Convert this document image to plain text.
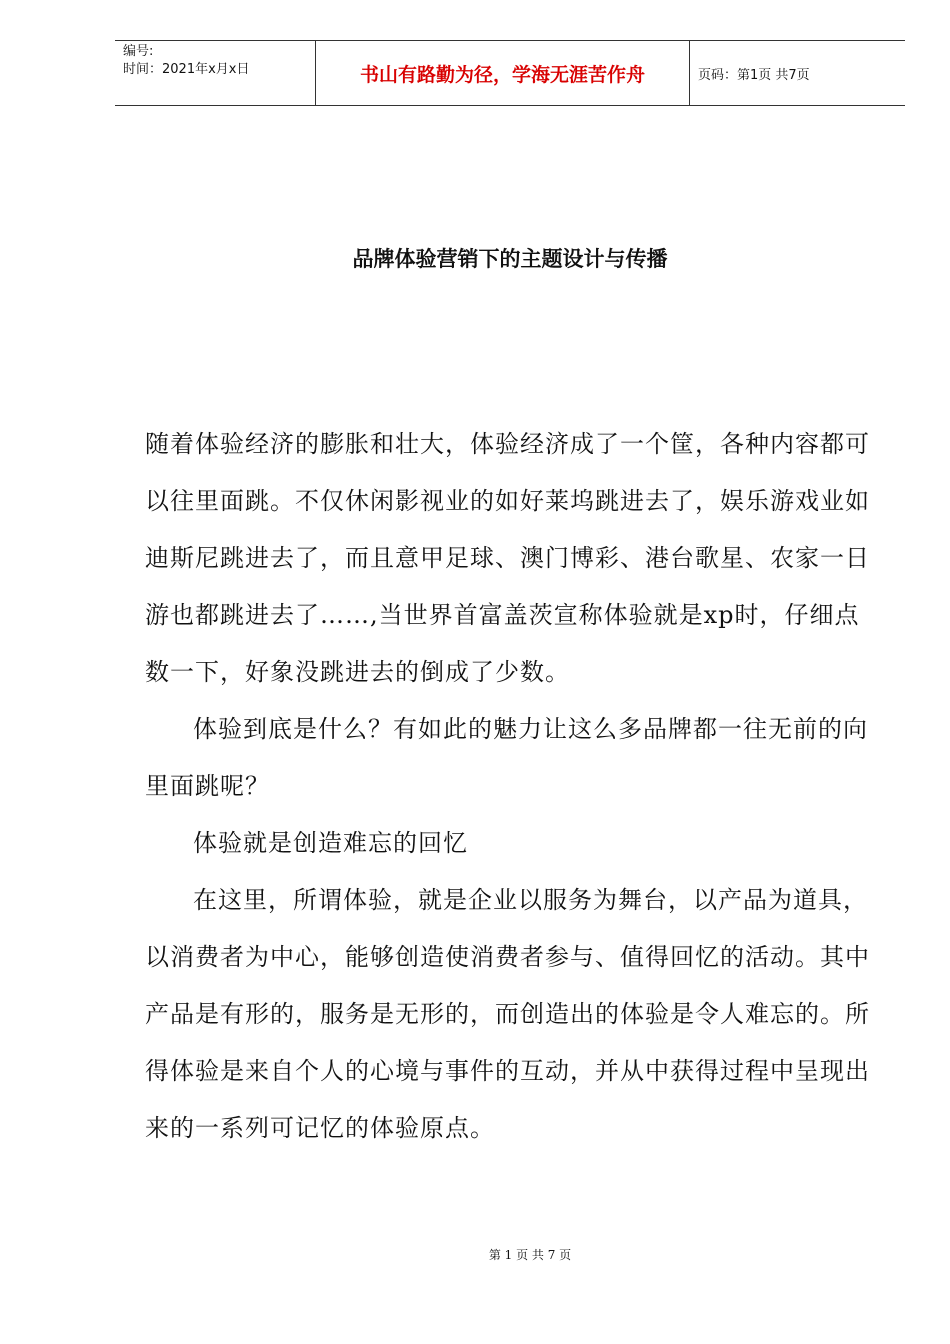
编号:
时间：2021年x月x日	书山有路勤为径，学海无涯苦作舟	页码：第1页 共7页
品牌体验营销下的主题设计与传播

随着体验经济的膨胀和壮大，体验经济成了一个筐，各种内容都可以往里面跳。不仅休闲影视业的如好莱坞跳进去了，娱乐游戏业如迪斯尼跳进去了，而且意甲足球、澳门博彩、港台歌星、农家一日游也都跳进去了……,当世界首富盖茨宣称体验就是xp时，仔细点数一下，好象没跳进去的倒成了少数。

体验到底是什么？有如此的魅力让这么多品牌都一往无前的向里面跳呢？

体验就是创造难忘的回忆

在这里，所谓体验，就是企业以服务为舞台，以产品为道具，以消费者为中心，能够创造使消费者参与、值得回忆的活动。其中产品是有形的，服务是无形的，而创造出的体验是令人难忘的。所得体验是来自个人的心境与事件的互动，并从中获得过程中呈现出来的一系列可记忆的体验原点。

第 1 页 共 7 页
